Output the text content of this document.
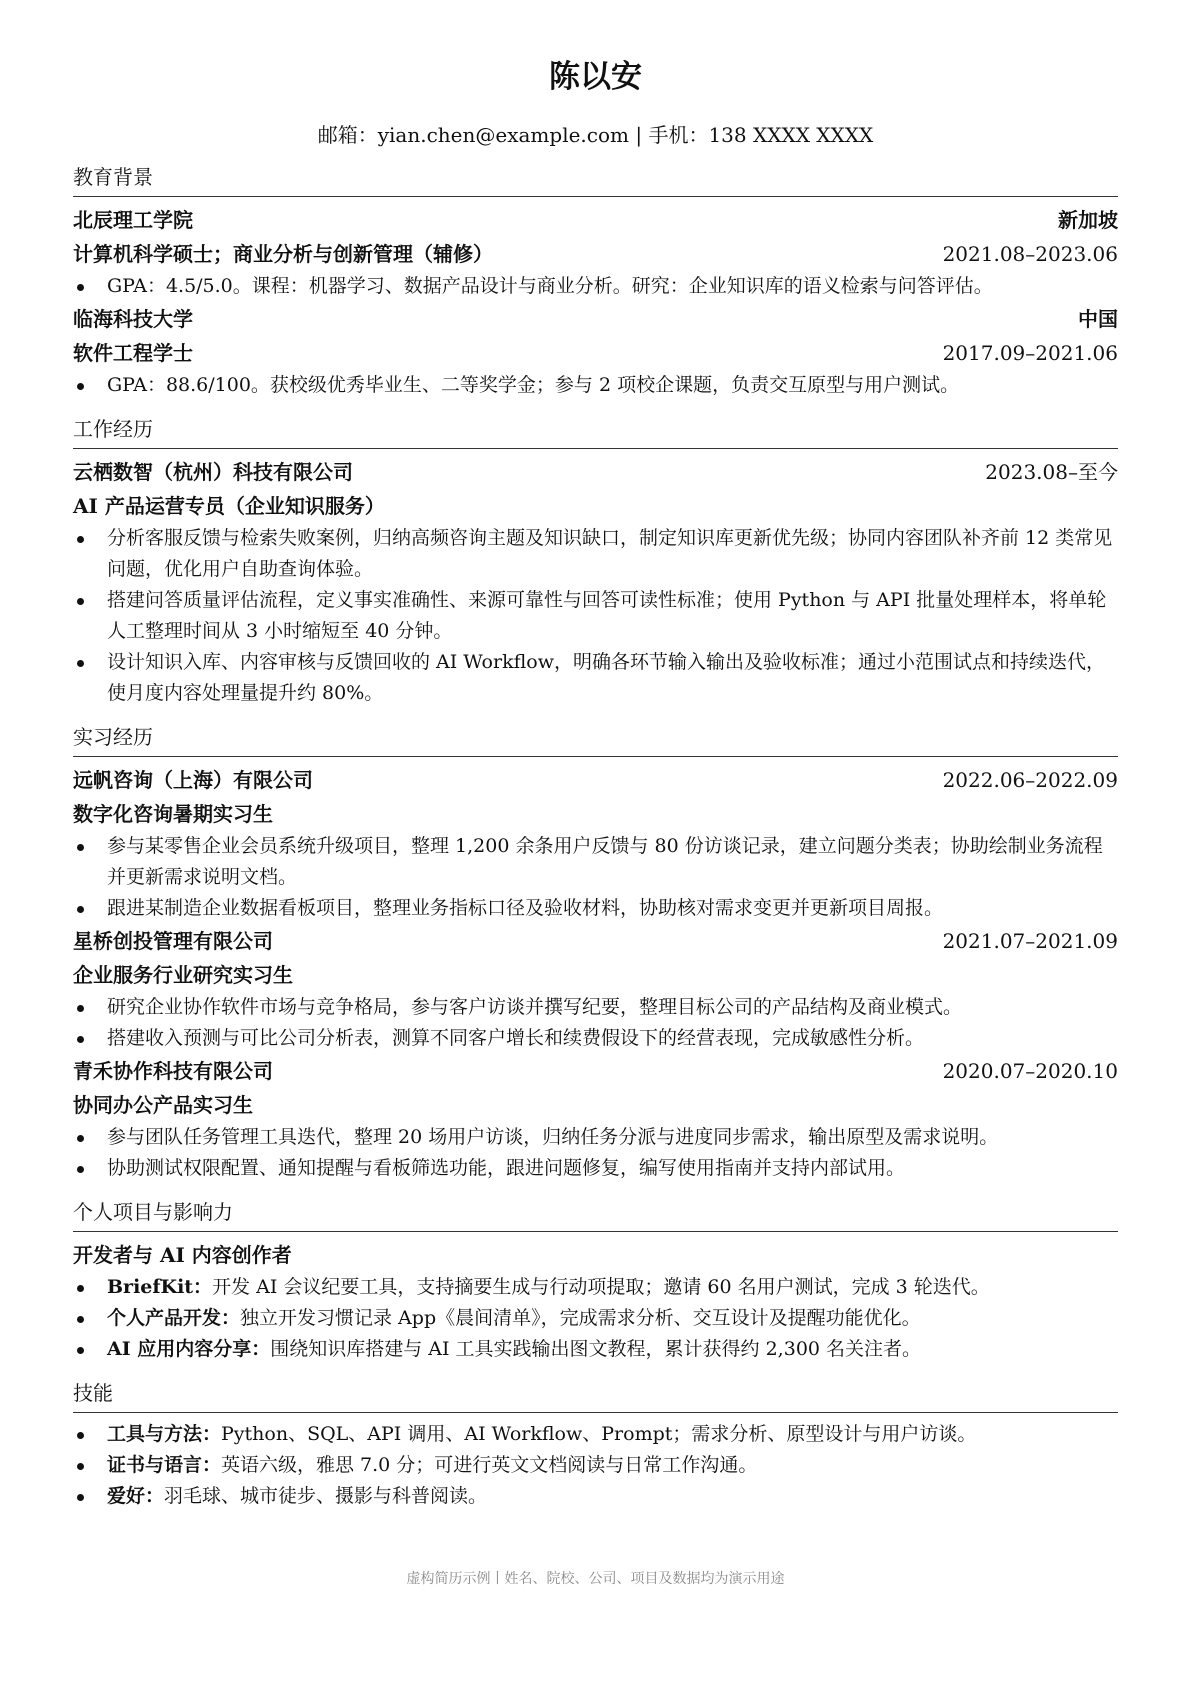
陈以安
邮箱：yian.chen@example.com | 手机：138 XXXX XXXX
教育背景
北辰理工学院	新加坡
计算机科学硕士；商业分析与创新管理（辅修）	2021.08–2023.06
GPA：4.5/5.0。课程：机器学习、数据产品设计与商业分析。研究：企业知识库的语义检索与问答评估。
临海科技大学	中国
软件工程学士	2017.09–2021.06
GPA：88.6/100。获校级优秀毕业生、二等奖学金；参与 2 项校企课题，负责交互原型与用户测试。
工作经历
云栖数智（杭州）科技有限公司	2023.08–至今
AI 产品运营专员（企业知识服务）
分析客服反馈与检索失败案例，归纳高频咨询主题及知识缺口，制定知识库更新优先级；协同内容团队补齐前 12 类常见问题，优化用户自助查询体验。
搭建问答质量评估流程，定义事实准确性、来源可靠性与回答可读性标准；使用 Python 与 API 批量处理样本，将单轮人工整理时间从 3 小时缩短至 40 分钟。
设计知识入库、内容审核与反馈回收的 AI Workflow，明确各环节输入输出及验收标准；通过小范围试点和持续迭代，使月度内容处理量提升约 80%。
实习经历
远帆咨询（上海）有限公司	2022.06–2022.09
数字化咨询暑期实习生
参与某零售企业会员系统升级项目，整理 1,200 余条用户反馈与 80 份访谈记录，建立问题分类表；协助绘制业务流程并更新需求说明文档。
跟进某制造企业数据看板项目，整理业务指标口径及验收材料，协助核对需求变更并更新项目周报。
星桥创投管理有限公司	2021.07–2021.09
企业服务行业研究实习生
研究企业协作软件市场与竞争格局，参与客户访谈并撰写纪要，整理目标公司的产品结构及商业模式。
搭建收入预测与可比公司分析表，测算不同客户增长和续费假设下的经营表现，完成敏感性分析。
青禾协作科技有限公司	2020.07–2020.10
协同办公产品实习生
参与团队任务管理工具迭代，整理 20 场用户访谈，归纳任务分派与进度同步需求，输出原型及需求说明。
协助测试权限配置、通知提醒与看板筛选功能，跟进问题修复，编写使用指南并支持内部试用。
个人项目与影响力
开发者与 AI 内容创作者
BriefKit：开发 AI 会议纪要工具，支持摘要生成与行动项提取；邀请 60 名用户测试，完成 3 轮迭代。
个人产品开发：独立开发习惯记录 App《晨间清单》，完成需求分析、交互设计及提醒功能优化。
AI 应用内容分享：围绕知识库搭建与 AI 工具实践输出图文教程，累计获得约 2,300 名关注者。
技能
工具与方法：Python、SQL、API 调用、AI Workflow、Prompt；需求分析、原型设计与用户访谈。
证书与语言：英语六级，雅思 7.0 分；可进行英文文档阅读与日常工作沟通。
爱好：羽毛球、城市徒步、摄影与科普阅读。
虚构简历示例丨姓名、院校、公司、项目及数据均为演示用途
